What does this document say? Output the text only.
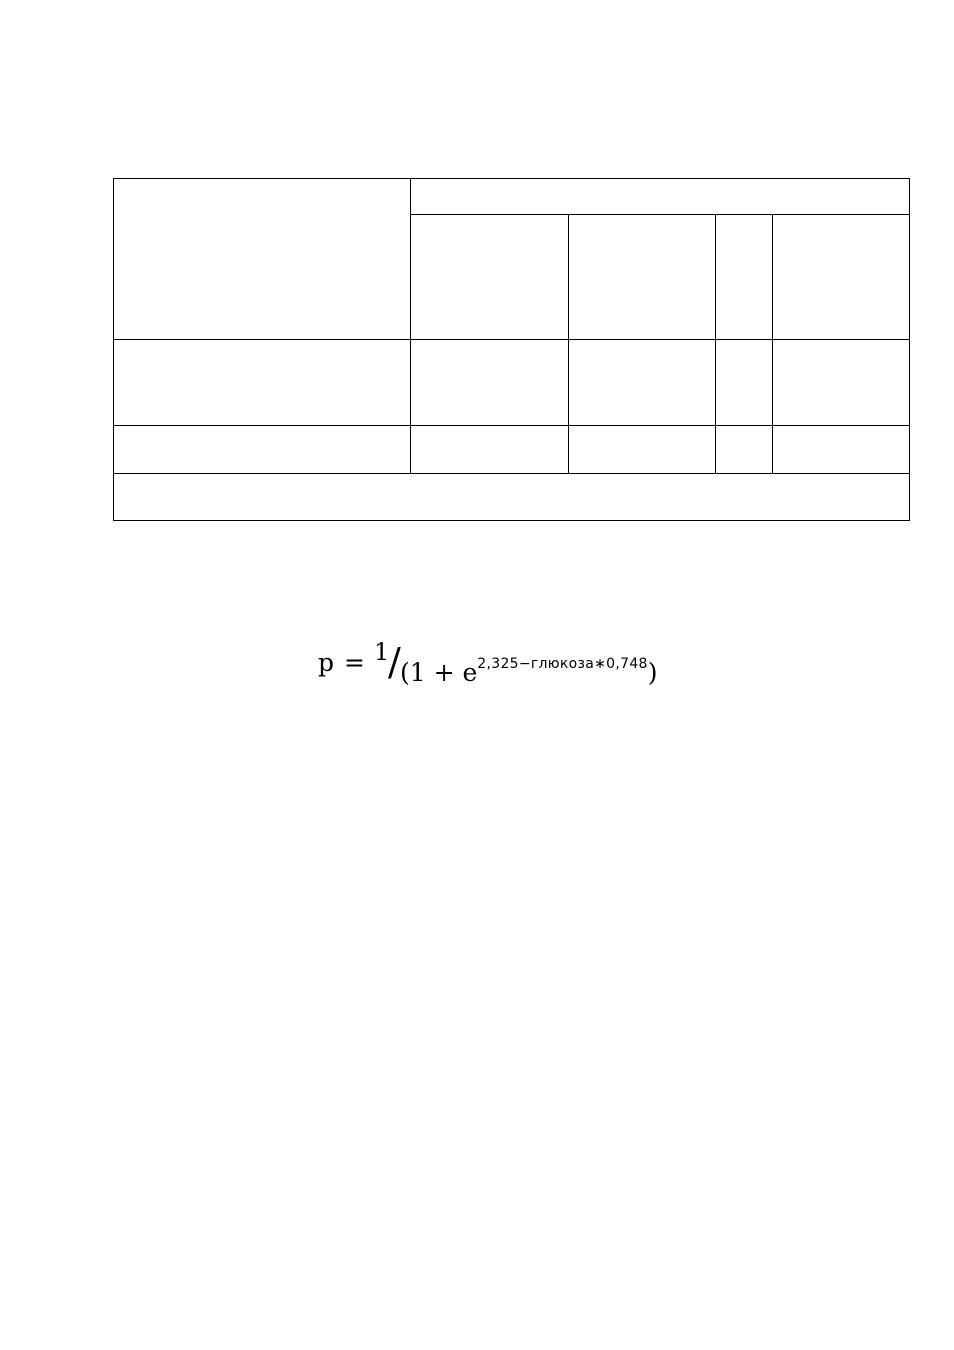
p = 1
/ $(1 + e^{2,325-глюкоза∗0,748})$
